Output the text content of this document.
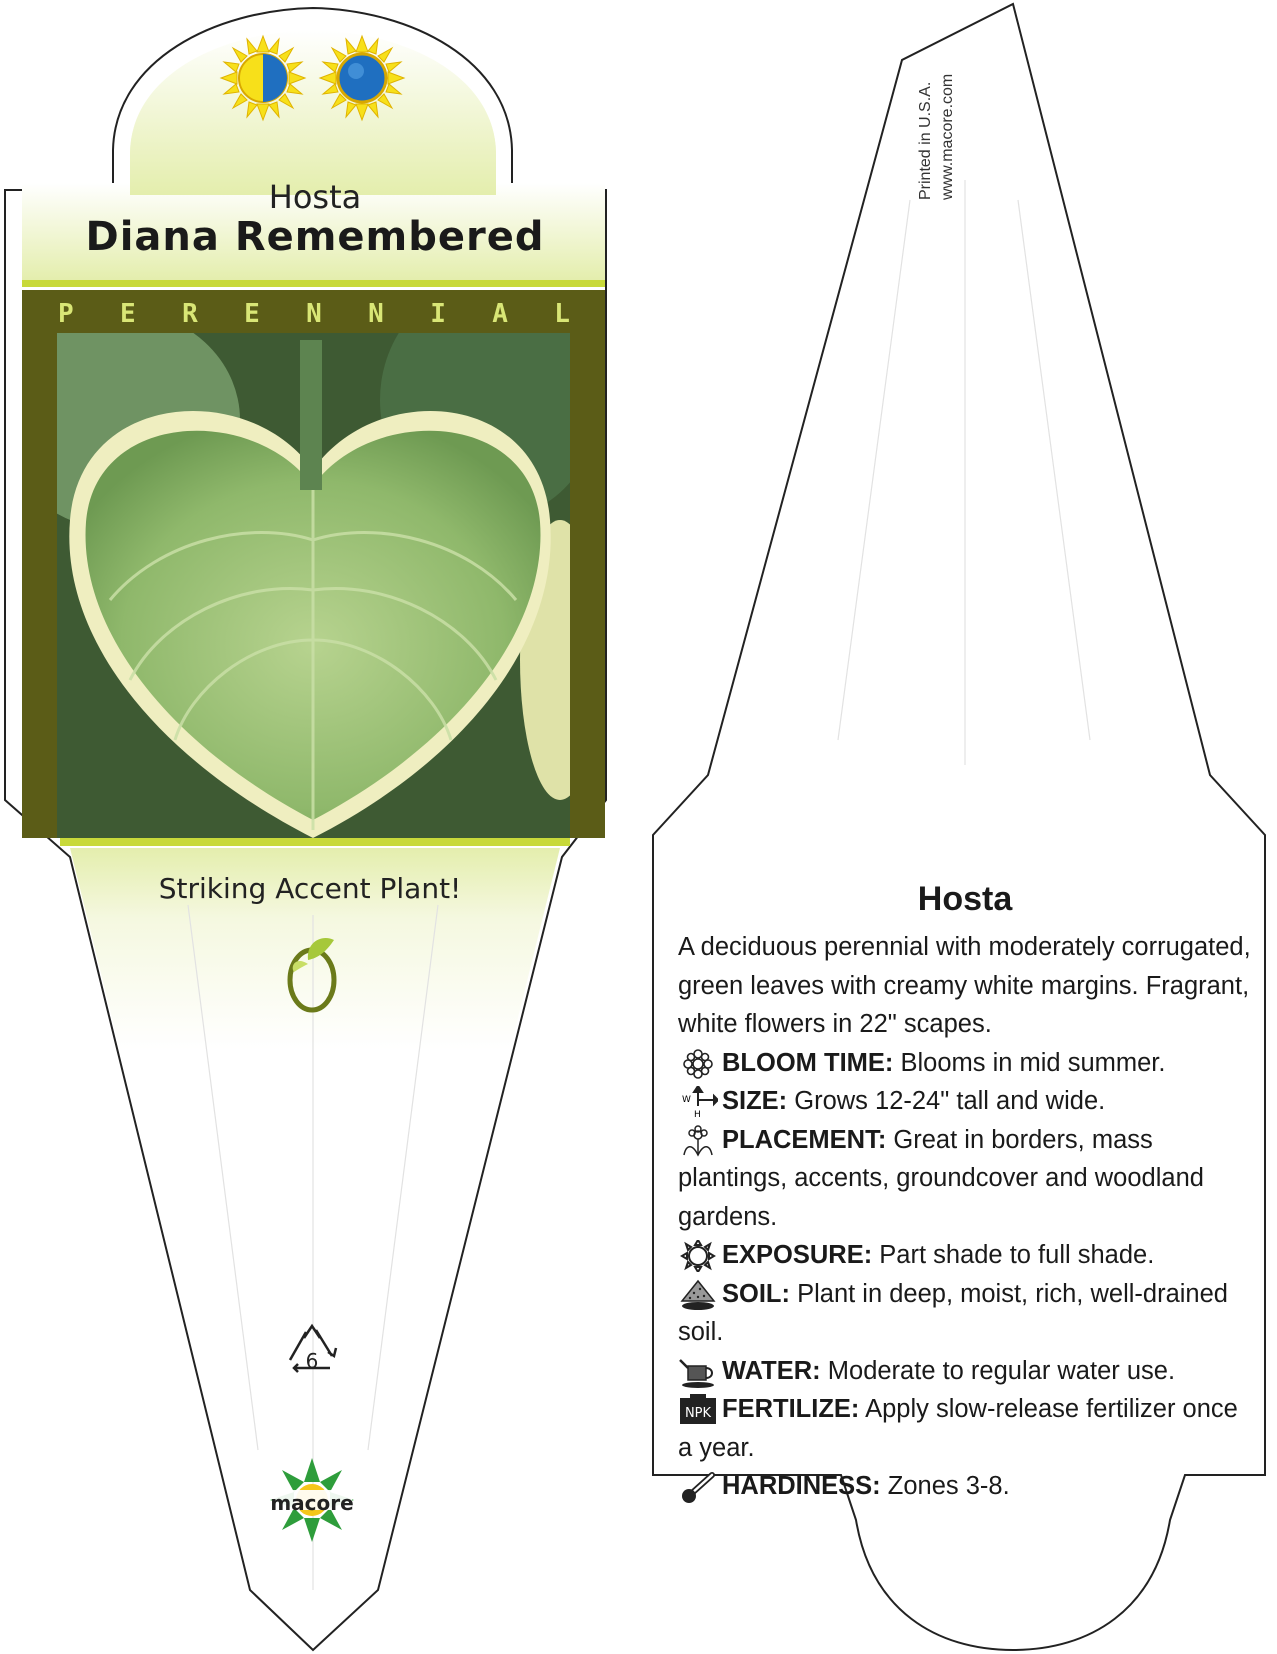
Hosta
Diana Remembered
P E R E N N I A L
Striking Accent Plant!
6
macore
Printed in U.S.A. www.macore.com
Hosta

A deciduous perennial with moderately corrugated, green leaves with creamy white margins. Fragrant, white flowers in 22" scapes.

BLOOM TIME: Blooms in mid summer.
W
H
SIZE: Grows 12-24" tall and wide.
PLACEMENT: Great in borders, mass plantings, accents, groundcover and woodland gardens.
EXPOSURE: Part shade to full shade.
SOIL: Plant in deep, moist, rich, well-drained soil.
WATER: Moderate to regular water use.
NPK FERTILIZE: Apply slow-release fertilizer once a year.
HARDINESS: Zones 3-8.
